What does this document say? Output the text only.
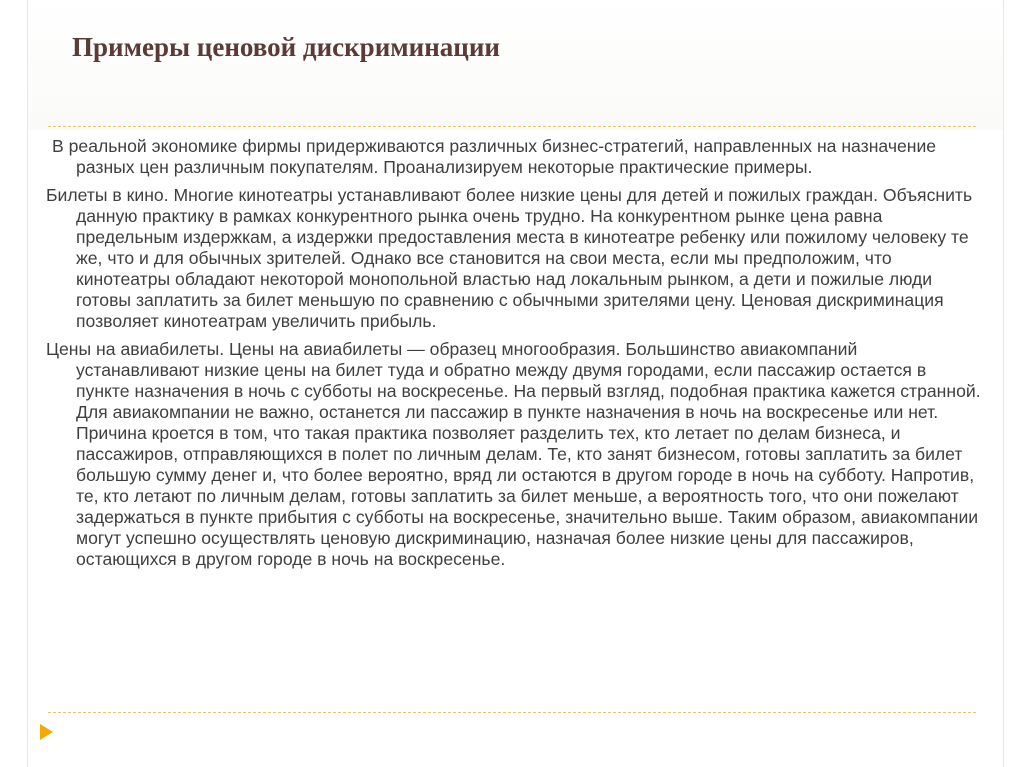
Примеры ценовой дискриминации

В реальной экономике фирмы придерживаются различных бизнес-стратегий, направленных на назначение разных цен различным покупателям. Проанализируем некоторые практические примеры.

Билеты в кино. Многие кинотеатры устанавливают более низкие цены для детей и пожилых граждан. Объяснить данную практику в рамках конкурентного рынка очень трудно. На конкурентном рынке цена равна предельным издержкам, а издержки предоставления места в кинотеатре ребенку или пожилому человеку те же, что и для обычных зрителей. Однако все становится на свои места, если мы предположим, что кинотеатры обладают некоторой монопольной властью над локальным рынком, а дети и пожилые люди готовы заплатить за билет меньшую по сравнению с обычными зрителями цену. Ценовая дискриминация позволяет кинотеатрам увеличить прибыль.

Цены на авиабилеты. Цены на авиабилеты — образец многообразия. Большинство авиакомпаний устанавливают низкие цены на билет туда и обратно между двумя городами, если пассажир остается в пункте назначения в ночь с субботы на воскресенье. На первый взгляд, подобная практика кажется странной. Для авиакомпании не важно, останется ли пассажир в пункте назначения в ночь на воскресенье или нет. Причина кроется в том, что такая практика позволяет разделить тех, кто летает по делам бизнеса, и пассажиров, отправляющихся в полет по личным делам. Те, кто занят бизнесом, готовы заплатить за билет большую сумму денег и, что более вероятно, вряд ли остаются в другом городе в ночь на субботу. Напротив, те, кто летают по личным делам, готовы заплатить за билет меньше, а вероятность того, что они пожелают задержаться в пункте прибытия с субботы на воскресенье, значительно выше. Таким образом, авиакомпании могут успешно осуществлять ценовую дискриминацию, назначая более низкие цены для пассажиров, остающихся в другом городе в ночь на воскресенье.
